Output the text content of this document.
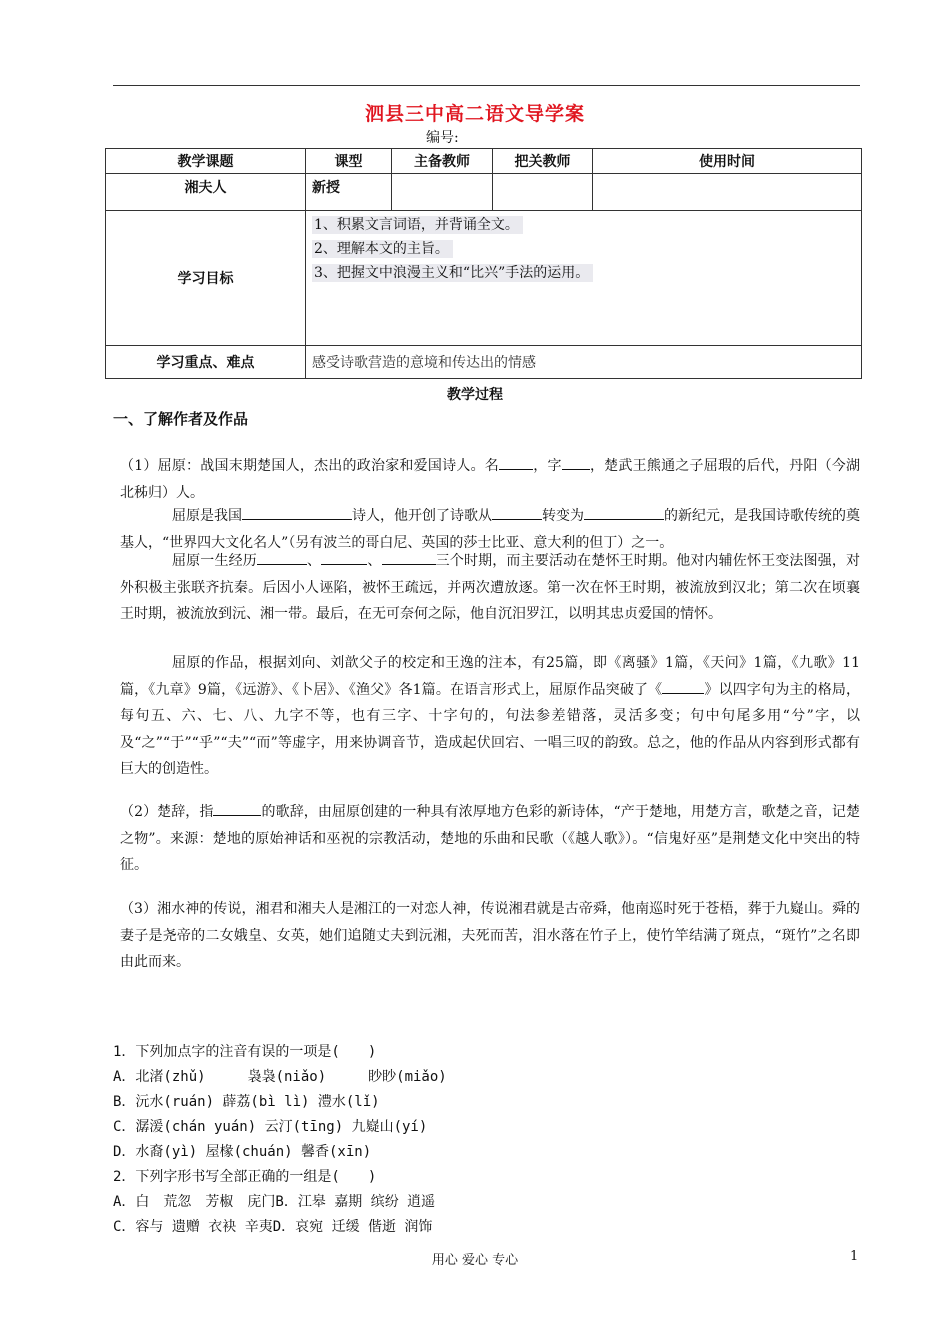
泗县三中高二语文导学案
编号:
教学课题	课型	主备教师	把关教师	使用时间
湘夫人	新授			
学习目标	1、积累文言词语，并背诵全文。
2、理解本文的主旨。
3、把握文中浪漫主义和“比兴”手法的运用。			

学习重点、难点	感受诗歌营造的意境和传达出的情感			
教学过程
一、了解作者及作品
（1）屈原：战国末期楚国人，杰出的政治家和爱国诗人。名 ，字 ，楚武王熊通之子屈瑕的后代，丹阳（今湖北秭归）人。
屈原是我国	诗人，他开创了诗歌从	转变为	的新纪元，是我国诗歌传统的奠基人，“世界四大文化名人”（另有波兰的哥白尼、英国的莎士比亚、意大利的但丁）之一。
屈原一生经历	、	、	三个时期，而主要活动在楚怀王时期。他对内辅佐怀王变法图强，对外积极主张联齐抗秦。后因小人诬陷，被怀王疏远，并两次遭放逐。第一次在怀王时期，被流放到汉北；第二次在顷襄王时期，被流放到沅、湘一带。最后，在无可奈何之际，他自沉汨罗江，以明其忠贞爱国的情怀。
屈原的作品，根据刘向、刘歆父子的校定和王逸的注本，有25篇，即《离骚》1篇，《天问》1篇，《九歌》11篇，《九章》9篇，《远游》、《卜居》、《渔父》各1篇。在语言形式上，屈原作品突破了《	》以四字句为主的格局，每句五、六、七、八、九字不等，也有三字、十字句的，句法参差错落，灵活多变；句中句尾多用“兮”字，以及“之”“于”“乎”“夫”“而”等虚字，用来协调音节，造成起伏回宕、一唱三叹的韵致。总之，他的作品从内容到形式都有巨大的创造性。
（2）楚辞，指	的歌辞，由屈原创建的一种具有浓厚地方色彩的新诗体，“产于楚地，用楚方言，歌楚之音，记楚之物”。来源：楚地的原始神话和巫祝的宗教活动，楚地的乐曲和民歌（《越人歌》）。“信鬼好巫”是荆楚文化中突出的特征。
（3）湘水神的传说，湘君和湘夫人是湘江的一对恋人神，传说湘君就是古帝舜，他南巡时死于苍梧，葬于九嶷山。舜的妻子是尧帝的二女娥皇、女英，她们追随丈夫到沅湘，夫死而苦，泪水落在竹子上，使竹竿结满了斑点，“斑竹”之名即由此而来。
1．下列加点字的注音有误的一项是(　　)
A．北渚(zhǔ)　　　袅袅(niǎo)　　　眇眇(miǎo)
B．沅水(ruán) 薜荔(bì lì) 澧水(lǐ)
C．潺湲(chán yuán) 云汀(tīng) 九嶷山(yí)
D．水裔(yì) 屋椽(chuán) 馨香(xīn)
2．下列字形书写全部正确的一组是(　　)
A．白　荒忽　芳椒　庑门B．江皋 嘉期 缤纷 逍遥
C．容与 遗赠 衣袂 辛夷D．哀宛 迁缓 偕逝 润饰
用心 爱心 专心	1
